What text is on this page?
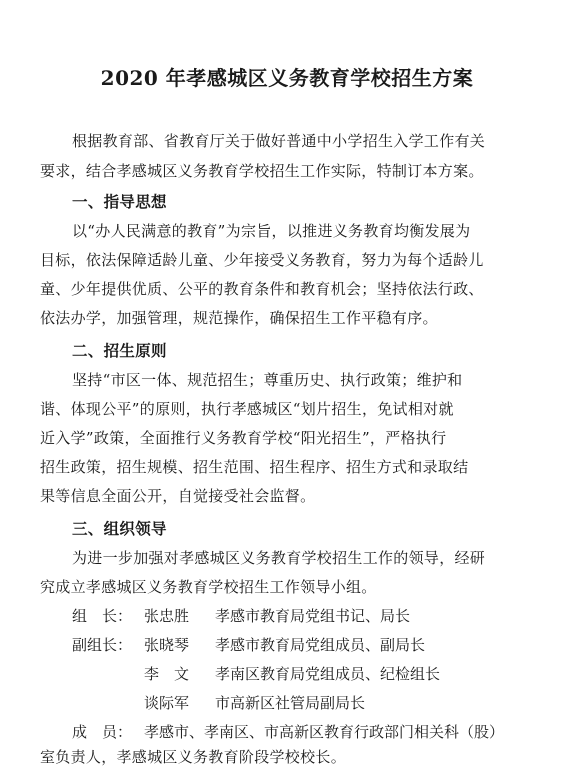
2020 年孝感城区义务教育学校招生方案
根据教育部、省教育厅关于做好普通中小学招生入学工作有关
要求，结合孝感城区义务教育学校招生工作实际，特制订本方案。
一、指导思想
以“办人民满意的教育”为宗旨，以推进义务教育均衡发展为
目标，依法保障适龄儿童、少年接受义务教育，努力为每个适龄儿
童、少年提供优质、公平的教育条件和教育机会；坚持依法行政、
依法办学，加强管理，规范操作，确保招生工作平稳有序。
二、招生原则
坚持“市区一体、规范招生；尊重历史、执行政策；维护和
谐、体现公平”的原则，执行孝感城区“划片招生，免试相对就
近入学”政策，全面推行义务教育学校“阳光招生”，严格执行
招生政策，招生规模、招生范围、招生程序、招生方式和录取结
果等信息全面公开，自觉接受社会监督。
三、组织领导
为进一步加强对孝感城区义务教育学校招生工作的领导，经研
究成立孝感城区义务教育学校招生工作领导小组。
组　长： 张忠胜 孝感市教育局党组书记、局长
副组长： 张晓琴 孝感市教育局党组成员、副局长
李　文 孝南区教育局党组成员、纪检组长
谈际军 市高新区社管局副局长
成　员： 孝感市、孝南区、市高新区教育行政部门相关科（股）
室负责人，孝感城区义务教育阶段学校校长。
